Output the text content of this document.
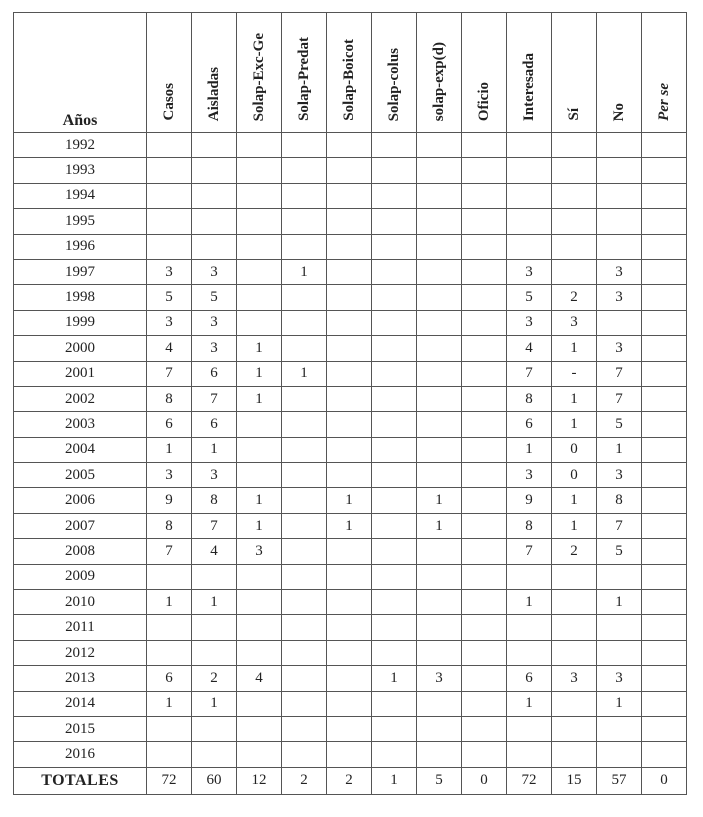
Años	Casos	Aisladas	Solap-Exc-Ge	Solap-Predat	Solap-Boicot	Solap-colus	solap-exp(d)	Oficio	Interesada	Sí	No	Per se
1992												
1993												
1994												
1995												
1996												
1997	3	3		1					3		3	
1998	5	5							5	2	3	
1999	3	3							3	3		
2000	4	3	1						4	1	3	
2001	7	6	1	1					7	-	7	
2002	8	7	1						8	1	7	
2003	6	6							6	1	5	
2004	1	1							1	0	1	
2005	3	3							3	0	3	
2006	9	8	1		1		1		9	1	8	
2007	8	7	1		1		1		8	1	7	
2008	7	4	3						7	2	5	
2009												
2010	1	1							1		1	
2011												
2012												
2013	6	2	4			1	3		6	3	3	
2014	1	1							1		1	
2015												
2016												
TOTALES	72	60	12	2	2	1	5	0	72	15	57	0
